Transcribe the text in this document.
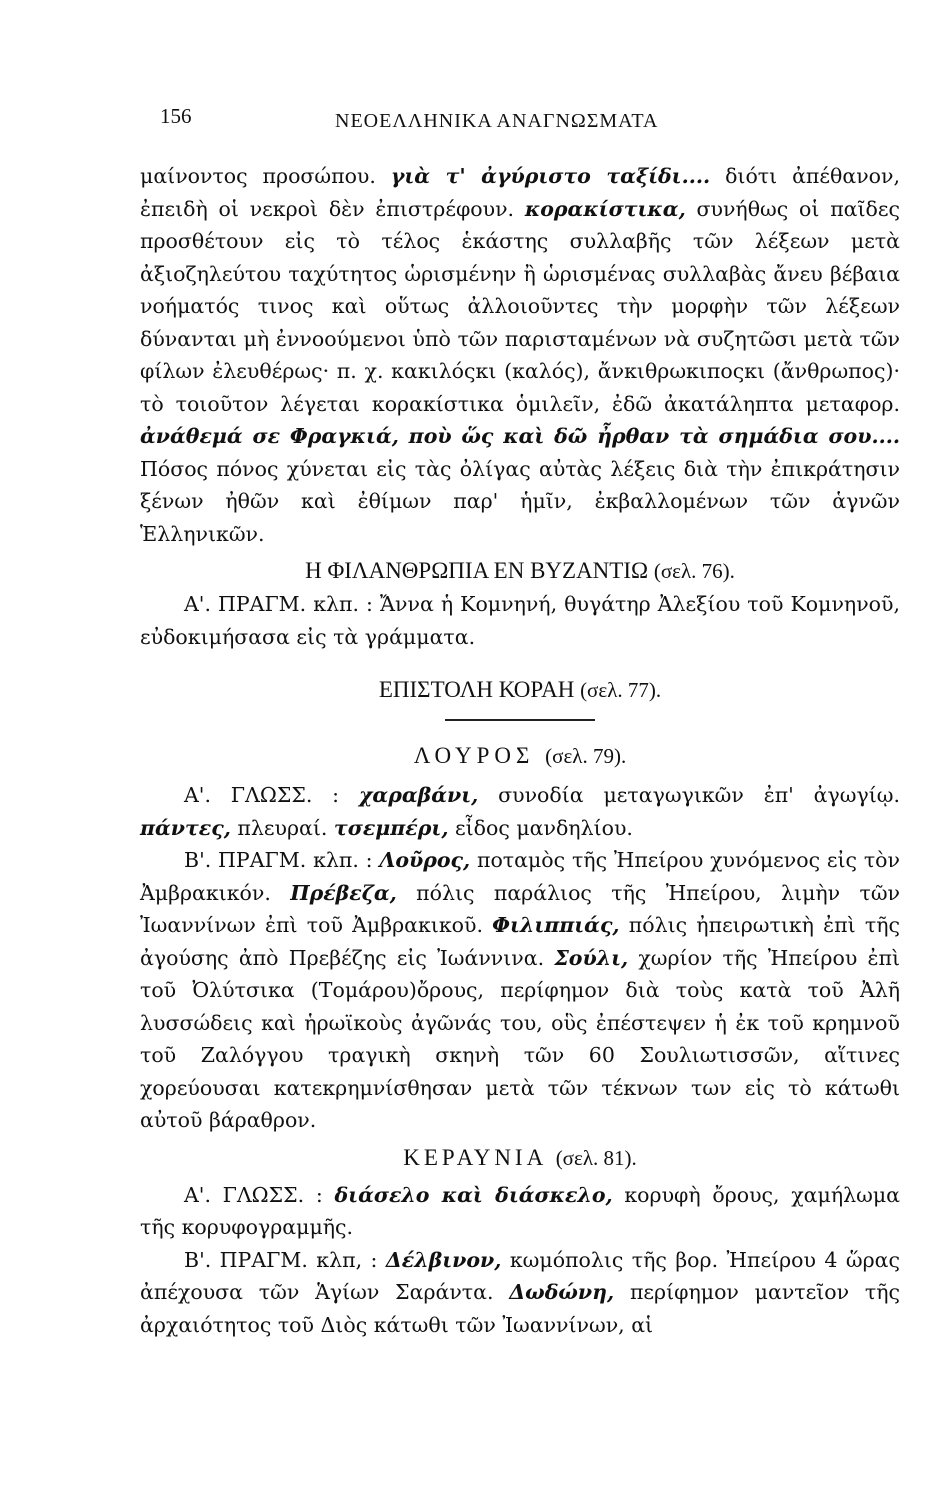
156	ΝΕΟΕΛΛΗΝΙΚΑ ΑΝΑΓΝΩΣΜΑΤΑ

μαίνοντος προσώπου. γιὰ τ' ἀγύριστο ταξίδι.... διότι ἀπέθανον, ἐπειδὴ οἱ νεκροὶ δὲν ἐπιστρέφουν. κορακίστικα, συνήθως οἱ παῖδες προσθέτουν εἰς τὸ τέλος ἑκάστης συλλαβῆς τῶν λέξεων μετὰ ἀξιοζηλεύτου ταχύτητος ὡρισμένην ἢ ὡρισμένας συλλαβὰς ἄνευ βέβαια νοήματός τινος καὶ οὕτως ἀλλοιοῦντες τὴν μορφὴν τῶν λέξεων δύνανται μὴ ἐννοούμενοι ὑπὸ τῶν παρισταμένων νὰ συζητῶσι μετὰ τῶν φίλων ἐλευθέρως· π. χ. κακιλόςκι (καλός), ἄνκιθρωκιποςκι (ἄνθρωπος)· τὸ τοιοῦτον λέγεται κορακίστικα ὁμιλεῖν, ἐδῶ ἀκατάληπτα μεταφορ. ἀνάθεμά σε Φραγκιά, ποὺ ὥς καὶ δῶ ἦρθαν τὰ σημάδια σου.... Πόσος πόνος χύνεται εἰς τὰς ὀλίγας αὐτὰς λέξεις διὰ τὴν ἐπικράτησιν ξένων ἠθῶν καὶ ἐθίμων παρ' ἡμῖν, ἐκβαλλομένων τῶν ἁγνῶν Ἑλληνικῶν.

Η ΦΙΛΑΝΘΡΩΠΙΑ ΕΝ ΒΥΖΑΝΤΙΩ (σελ. 76).

Α'. ΠΡΑΓΜ. κλπ. : Ἄννα ἡ Κομνηνή, θυγάτηρ Ἀλεξίου τοῦ Κομνηνοῦ, εὐδοκιμήσασα εἰς τὰ γράμματα.

ΕΠΙΣΤΟΛΗ ΚΟΡΑΗ (σελ. 77).

ΛΟΥΡΟΣ (σελ. 79).

Α'. ΓΛΩΣΣ. : χαραβάνι, συνοδία μεταγωγικῶν ἐπ' ἀγωγίῳ. πάντες, πλευραί. τσεμπέρι, εἶδος μανδηλίου.

Β'. ΠΡΑΓΜ. κλπ. : Λοῦρος, ποταμὸς τῆς Ἠπείρου χυνόμενος εἰς τὸν Ἀμβρακικόν. Πρέβεζα, πόλις παράλιος τῆς Ἠπείρου, λιμὴν τῶν Ἰωαννίνων ἐπὶ τοῦ Ἀμβρακικοῦ. Φιλιππιάς, πόλις ἠπειρωτικὴ ἐπὶ τῆς ἀγούσης ἀπὸ Πρεβέζης εἰς Ἰωάννινα. Σούλι, χωρίον τῆς Ἠπείρου ἐπὶ τοῦ Ὀλύτσικα (Τομάρου)ὄρους, περίφημον διὰ τοὺς κατὰ τοῦ Ἀλῆ λυσσώδεις καὶ ἡρωϊκοὺς ἀγῶνάς του, οὓς ἐπέστεψεν ἡ ἐκ τοῦ κρημνοῦ τοῦ Ζαλόγγου τραγικὴ σκηνὴ τῶν 60 Σουλιωτισσῶν, αἵτινες χορεύουσαι κατεκρημνίσθησαν μετὰ τῶν τέκνων των εἰς τὸ κάτωθι αὐτοῦ βάραθρον.

ΚΕΡΑΥΝΙΑ (σελ. 81).

Α'. ΓΛΩΣΣ. : διάσελο καὶ διάσκελο, κορυφὴ ὄρους, χαμήλωμα τῆς κορυφογραμμῆς.

Β'. ΠΡΑΓΜ. κλπ, : Δέλβινον, κωμόπολις τῆς βορ. Ἠπείρου 4 ὥρας ἀπέχουσα τῶν Ἁγίων Σαράντα. Δωδώνη, περίφημον μαντεῖον τῆς ἀρχαιότητος τοῦ Διὸς κάτωθι τῶν Ἰωαννίνων, αἱ
